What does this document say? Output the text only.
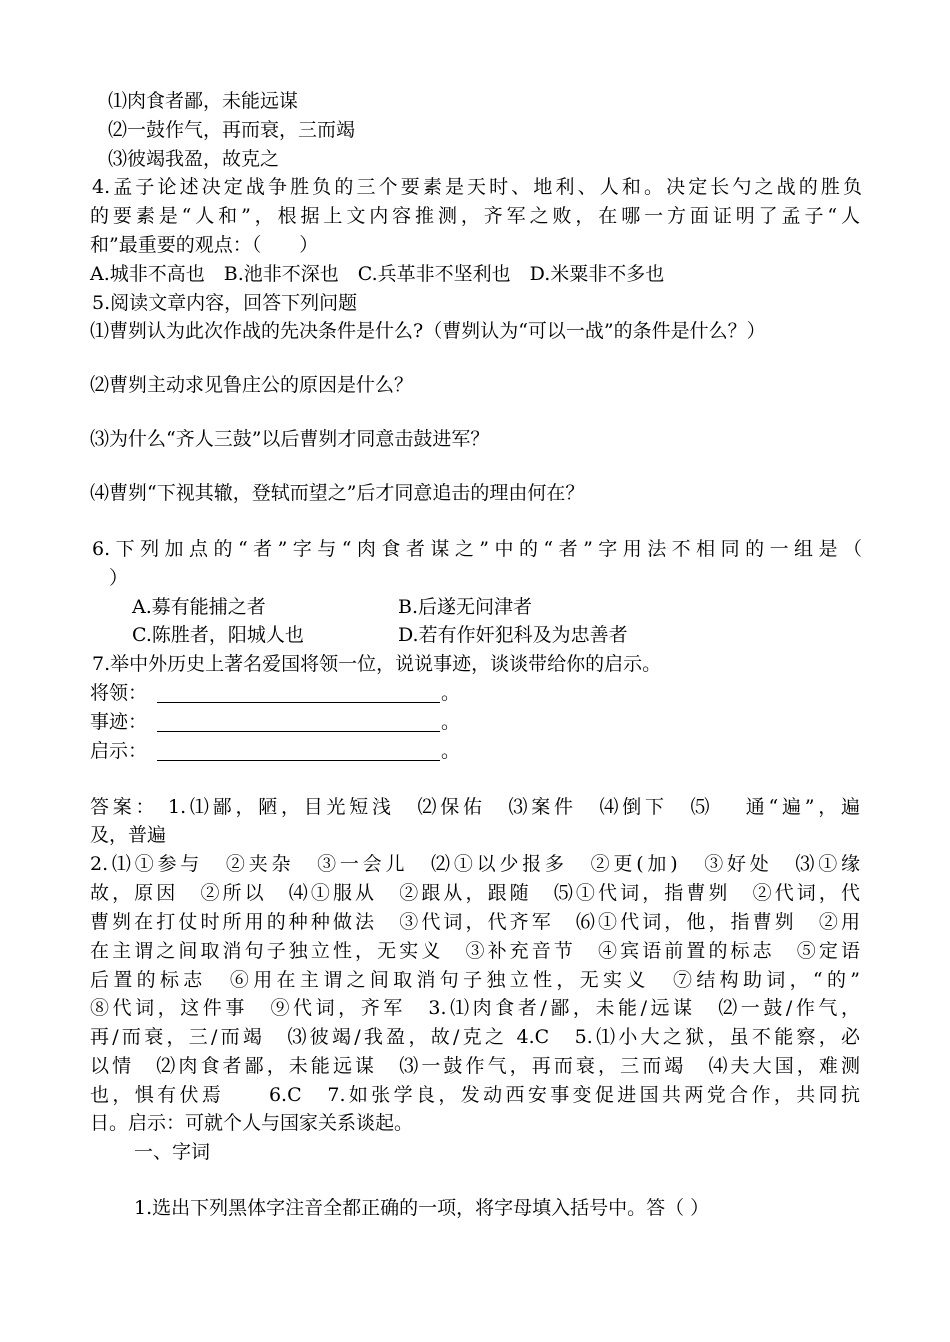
⑴肉食者鄙，未能远谋
⑵一鼓作气，再而衰，三而竭
⑶彼竭我盈，故克之
4.孟子论述决定战争胜负的三个要素是天时、地利、人和。决定长勺之战的胜负
的要素是“人和”，根据上文内容推测，齐军之败，在哪一方面证明了孟子“人
和”最重要的观点：（　　）
A.城非不高也　B.池非不深也　C.兵革非不坚利也　D.米粟非不多也
5.阅读文章内容，回答下列问题
⑴曹刿认为此次作战的先决条件是什么?（曹刿认为“可以一战”的条件是什么？）
⑵曹刿主动求见鲁庄公的原因是什么？
⑶为什么“齐人三鼓”以后曹刿才同意击鼓进军？
⑷曹刿“下视其辙，登轼而望之”后才同意追击的理由何在？
6.下列加点的“者”字与“肉食者谋之”中的“者”字用法不相同的一组是（
　）
A.募有能捕之者	B.后遂无问津者
C.陈胜者，阳城人也	D.若有作奸犯科及为忠善者
7.举中外历史上著名爱国将领一位，说说事迹，谈谈带给你的启示。
将领：	。
事迹：	。
启示：	。
答案： 1.⑴鄙，陋，目光短浅　⑵保佑　⑶案件　⑷倒下　⑸　 通“遍”，遍
及，普遍
2.⑴①参与　②夹杂　③一会儿　⑵①以少报多　②更(加)　③好处　⑶①缘
故，原因　②所以　⑷①服从　②跟从，跟随　⑸①代词，指曹刿　②代词，代
曹刿在打仗时所用的种种做法　③代词，代齐军　⑹①代词，他，指曹刿　②用
在主谓之间取消句子独立性，无实义　③补充音节　④宾语前置的标志　⑤定语
后置的标志　⑥用在主谓之间取消句子独立性，无实义　⑦结构助词，“的”
⑧代词，这件事　⑨代词，齐军　3.⑴肉食者/鄙，未能/远谋　⑵一鼓/作气，
再/而衰，三/而竭　⑶彼竭/我盈，故/克之 4.C　5.⑴小大之狱，虽不能察，必
以情　⑵肉食者鄙，未能远谋　⑶一鼓作气，再而衰，三而竭　⑷夫大国，难测
也，惧有伏焉　　6.C　7.如张学良，发动西安事变促进国共两党合作，共同抗
日。启示：可就个人与国家关系谈起。
一、字词
1.选出下列黑体字注音全都正确的一项，将字母填入括号中。答（ ）
